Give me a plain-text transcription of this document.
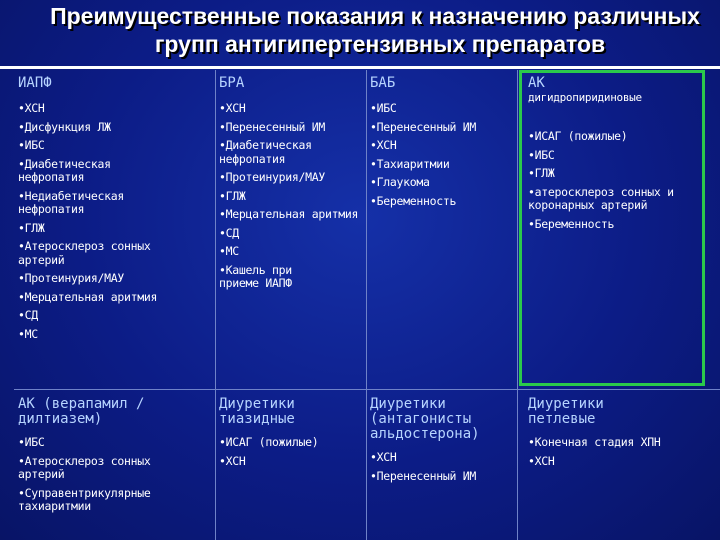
Преимущественные показания к назначению различных
групп антигипертензивных препаратов
ИАПФ
•ХСН
•Дисфункция ЛЖ
•ИБС
•Диабетическая нефропатия
•Недиабетическая нефропатия
•ГЛЖ
•Атеросклероз сонных артерий
•Протеинурия/МАУ
•Мерцательная аритмия
•СД
•МС
БРА
•ХСН
•Перенесенный ИМ
•Диабетическая нефропатия
•Протеинурия/МАУ
•ГЛЖ
•Мерцательная аритмия
•СД
•МС
•Кашель при приеме ИАПФ
БАБ
•ИБС
•Перенесенный ИМ
•ХСН
•Тахиаритмии
•Глаукома
•Беременность
АК
дигидропиридиновые
•ИСАГ (пожилые)
•ИБС
•ГЛЖ
•атеросклероз сонных и коронарных артерий
•Беременность
АК (верапамил / дилтиазем)
•ИБС
•Атеросклероз сонных артерий
•Суправентрикулярные тахиаритмии
Диуретики тиазидные
•ИСАГ (пожилые)
•ХСН
Диуретики (антагонисты альдостерона)
•ХСН
•Перенесенный ИМ
Диуретики петлевые
•Конечная стадия ХПН
•ХСН
